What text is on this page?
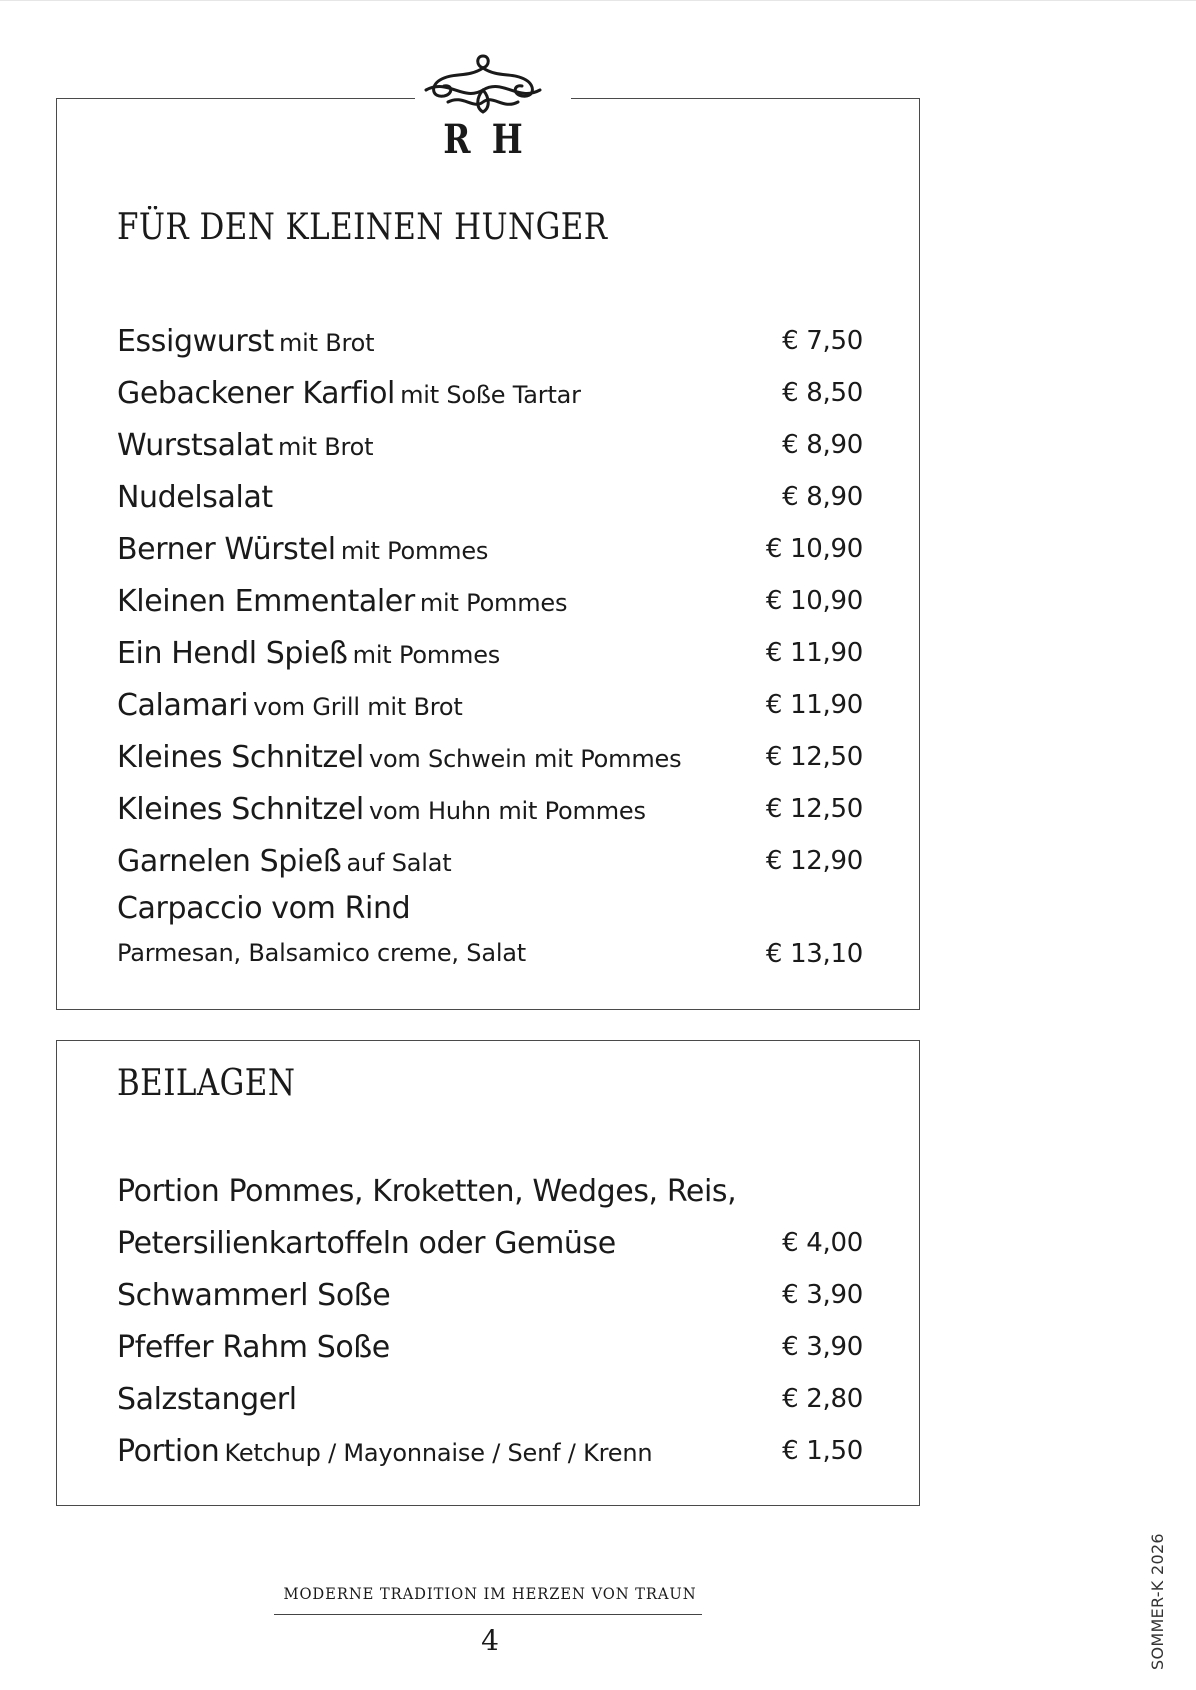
FÜR DEN KLEINEN HUNGER
Essigwurst mit Brot	€ 7,50
Gebackener Karfiol mit Soße Tartar	€ 8,50
Wurstsalat mit Brot	€ 8,90
Nudelsalat	€ 8,90
Berner Würstel mit Pommes	€ 10,90
Kleinen Emmentaler mit Pommes	€ 10,90
Ein Hendl Spieß mit Pommes	€ 11,90
Calamari vom Grill mit Brot	€ 11,90
Kleines Schnitzel vom Schwein mit Pommes	€ 12,50
Kleines Schnitzel vom Huhn mit Pommes	€ 12,50
Garnelen Spieß auf Salat	€ 12,90
Carpaccio vom Rind
Parmesan, Balsamico creme, Salat	€ 13,10
R H
BEILAGEN
Portion Pommes, Kroketten, Wedges, Reis,
Petersilienkartoffeln oder Gemüse	€ 4,00
Schwammerl Soße	€ 3,90
Pfeffer Rahm Soße	€ 3,90
Salzstangerl	€ 2,80
Portion Ketchup / Mayonnaise / Senf / Krenn	€ 1,50
MODERNE TRADITION IM HERZEN VON TRAUN
4	SOMMER-K 2026
